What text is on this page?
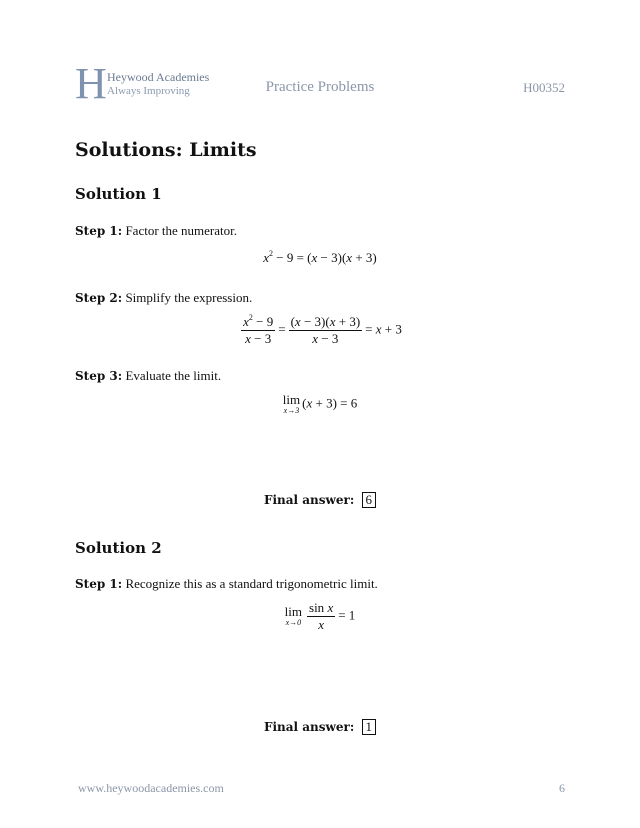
H Heywood Academies
Always Improving	Practice Problems	H00352
Solutions: Limits
Solution 1
Step 1: Factor the numerator.
$x^2 - 9 = (x - 3)(x + 3)$
Step 2: Simplify the expression.
$\frac{x^2 - 9}{x - 3} = \frac{(x - 3)(x + 3)}{x - 3} = x + 3$
Step 3: Evaluate the limit.
lim
x→3
(x + 3) = 6
Final answer: 6
Solution 2
Step 1: Recognize this as a standard trigonometric limit.
lim
$x\to 0 \frac{\text{sin x}}{x} = 1$
Final answer: 1
www.heywoodacademies.com	6
